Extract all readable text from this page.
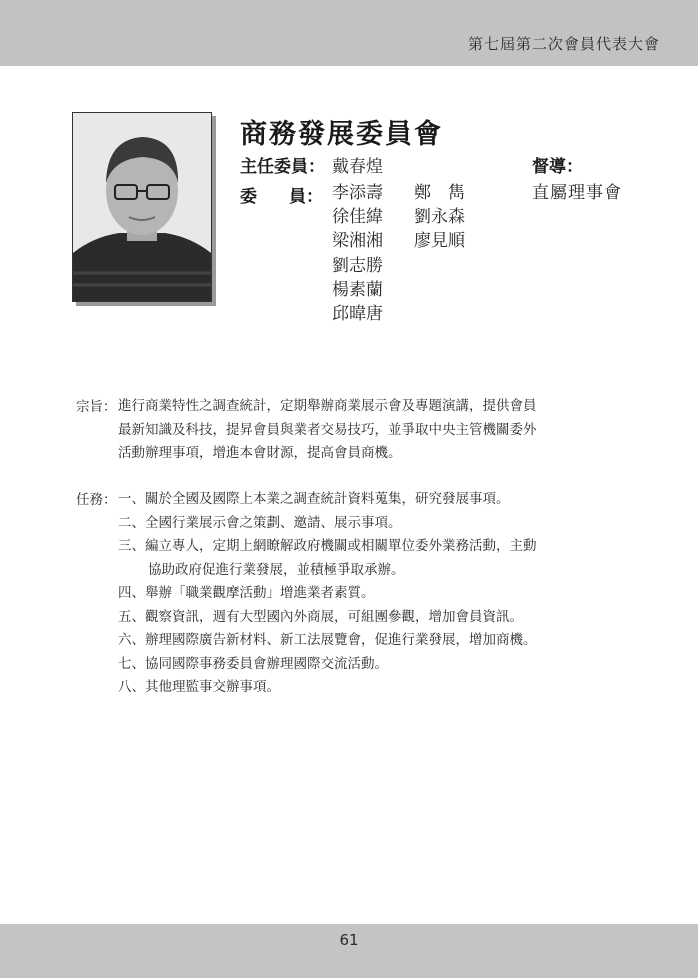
第七屆第二次會員代表大會
商務發展委員會
主任委員： 戴春煌
委 員： 李添壽
徐佳緯
梁湘湘
劉志勝
楊素蘭
邱暐唐
鄭　雋
劉永森
廖見順
督導：
直屬理事會
宗旨： 進行商業特性之調查統計，定期舉辦商業展示會及專題演講，提供會員
最新知識及科技，提昇會員與業者交易技巧，並爭取中央主管機關委外
活動辦理事項，增進本會財源，提高會員商機。
任務： 一、關於全國及國際上本業之調查統計資料蒐集，研究發展事項。
二、全國行業展示會之策劃、邀請、展示事項。
三、編立專人，定期上網瞭解政府機關或相關單位委外業務活動，主動
協助政府促進行業發展，並積極爭取承辦。
四、舉辦「職業觀摩活動」增進業者素質。
五、觀察資訊，週有大型國內外商展，可組團參觀，增加會員資訊。
六、辦理國際廣告新材料、新工法展覽會，促進行業發展，增加商機。
七、協同國際事務委員會辦理國際交流活動。
八、其他理監事交辦事項。
61
